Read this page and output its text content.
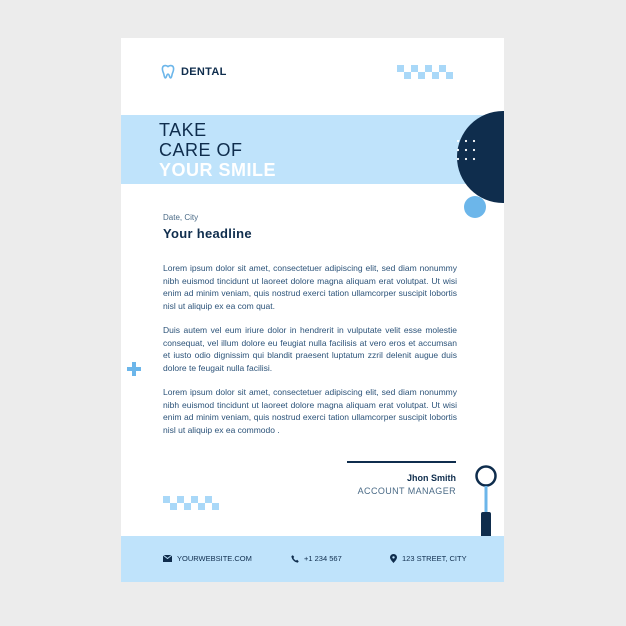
DENTAL
TAKE
CARE OF
YOUR SMILE
Date, City
Your headline

Lorem ipsum dolor sit amet, consectetuer adipiscing elit, sed diam nonummy nibh euismod tincidunt ut laoreet dolore magna aliquam erat volutpat. Ut wisi enim ad minim veniam, quis nostrud exerci tation ullamcorper suscipit lobortis nisl ut aliquip ex ea com quat.

Duis autem vel eum iriure dolor in hendrerit in vulputate velit esse molestie consequat, vel illum dolore eu feugiat nulla facilisis at vero eros et accumsan et iusto odio dignissim qui blandit praesent luptatum zzril delenit augue duis dolore te feugait nulla facilisi.

Lorem ipsum dolor sit amet, consectetuer adipiscing elit, sed diam nonummy nibh euismod tincidunt ut laoreet dolore magna aliquam erat volutpat. Ut wisi enim ad minim veniam, quis nostrud exerci tation ullamcorper suscipit lobortis nisl ut aliquip ex ea commodo .

Jhon Smith
ACCOUNT MANAGER
YOURWEBSITE.COM	+1 234 567	123 STREET, CITY
